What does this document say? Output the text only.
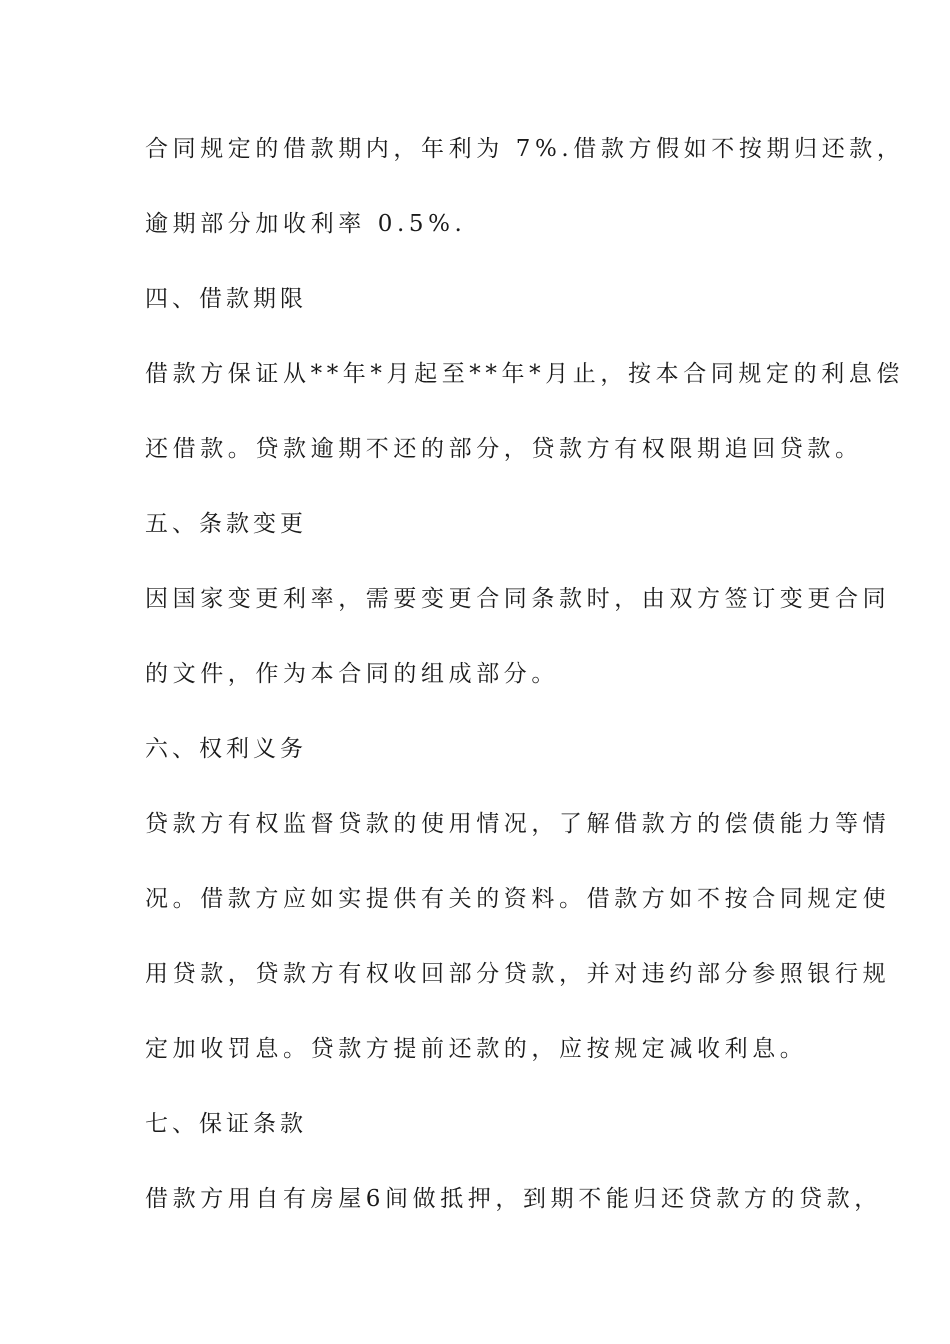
合同规定的借款期内，年利为 7%.借款方假如不按期归还款，
逾期部分加收利率 0.5%.
四、借款期限
借款方保证从**年*月起至**年*月止，按本合同规定的利息偿
还借款。贷款逾期不还的部分，贷款方有权限期追回贷款。
五、条款变更
因国家变更利率，需要变更合同条款时，由双方签订变更合同
的文件，作为本合同的组成部分。
六、权利义务
贷款方有权监督贷款的使用情况，了解借款方的偿债能力等情
况。借款方应如实提供有关的资料。借款方如不按合同规定使
用贷款，贷款方有权收回部分贷款，并对违约部分参照银行规
定加收罚息。贷款方提前还款的，应按规定减收利息。
七、保证条款
借款方用自有房屋6间做抵押，到期不能归还贷款方的贷款，
